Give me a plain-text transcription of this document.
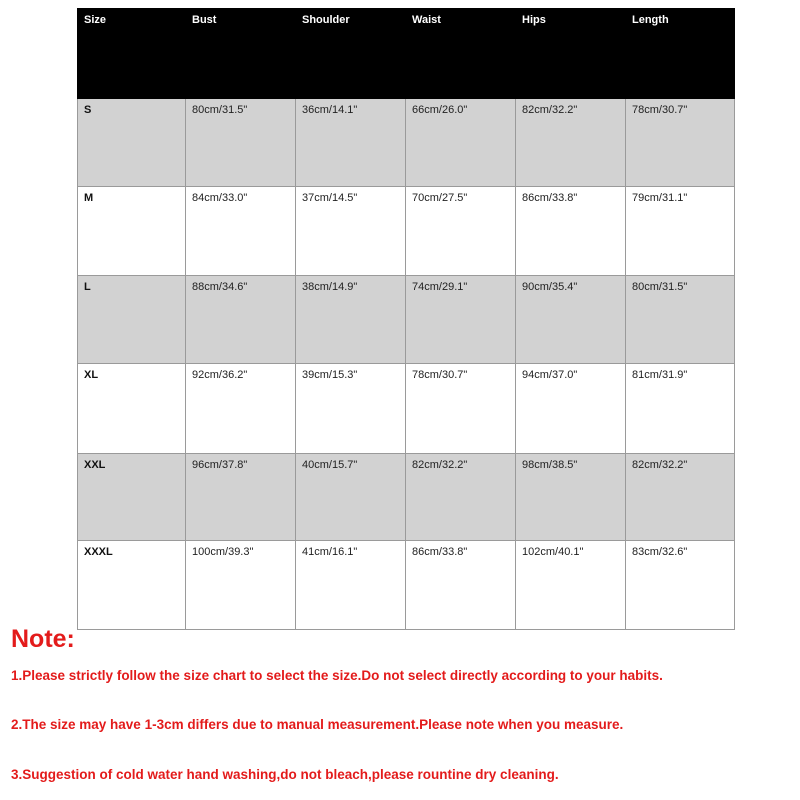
Size	Bust	Shoulder	Waist	Hips	Length
S	80cm/31.5"	36cm/14.1"	66cm/26.0"	82cm/32.2"	78cm/30.7"
M	84cm/33.0"	37cm/14.5"	70cm/27.5"	86cm/33.8"	79cm/31.1"
L	88cm/34.6"	38cm/14.9"	74cm/29.1"	90cm/35.4"	80cm/31.5"
XL	92cm/36.2"	39cm/15.3"	78cm/30.7"	94cm/37.0"	81cm/31.9"
XXL	96cm/37.8"	40cm/15.7"	82cm/32.2"	98cm/38.5"	82cm/32.2"
XXXL	100cm/39.3"	41cm/16.1"	86cm/33.8"	102cm/40.1"	83cm/32.6"

Note:

1.Please strictly follow the size chart to select the size.Do not select directly according to your habits.

2.The size may have 1-3cm differs due to manual measurement.Please note when you measure.

3.Suggestion of cold water hand washing,do not bleach,please rountine dry cleaning.
